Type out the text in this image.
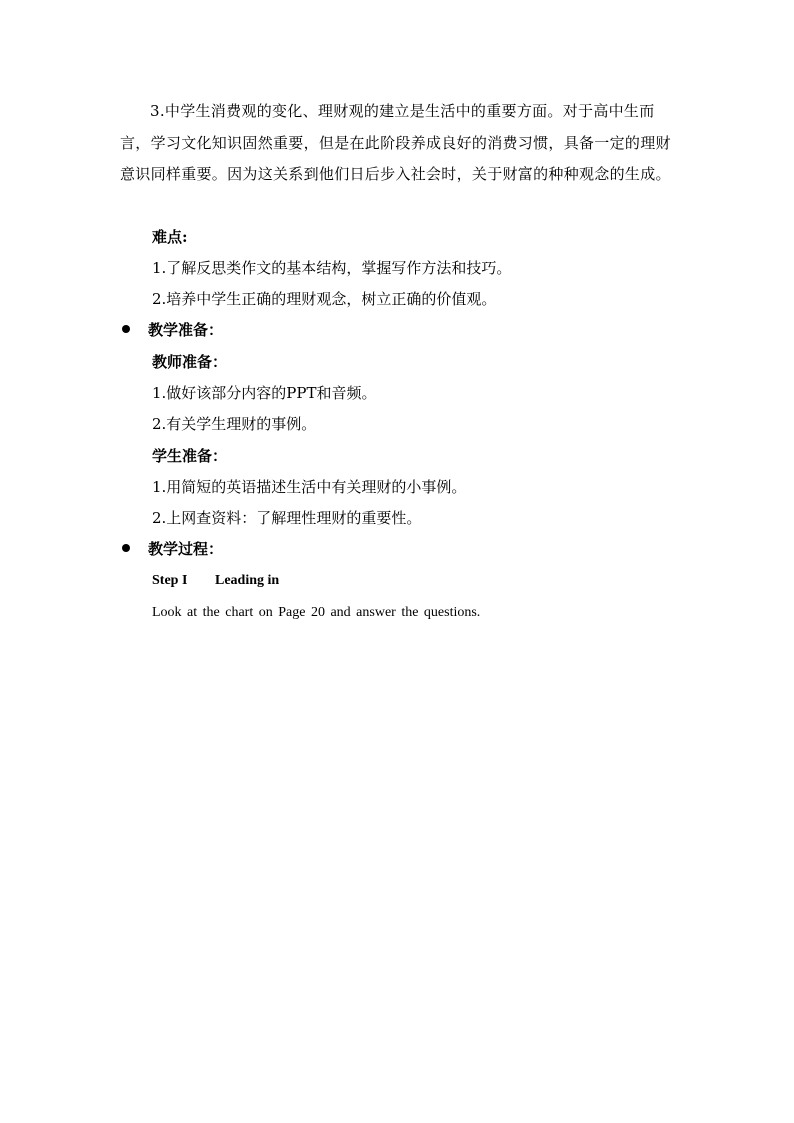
3.中学生消费观的变化、理财观的建立是生活中的重要方面。对于高中生而言，学习文化知识固然重要，但是在此阶段养成良好的消费习惯，具备一定的理财意识同样重要。因为这关系到他们日后步入社会时，关于财富的种种观念的生成。
难点:
1.了解反思类作文的基本结构，掌握写作方法和技巧。
2.培养中学生正确的理财观念，树立正确的价值观。
教学准备：
教师准备：
1.做好该部分内容的PPT和音频。
2.有关学生理财的事例。
学生准备：
1.用简短的英语描述生活中有关理财的小事例。
2.上网查资料：了解理性理财的重要性。
教学过程：
Step I Leading in
Look at the chart on Page 20 and answer the questions.
